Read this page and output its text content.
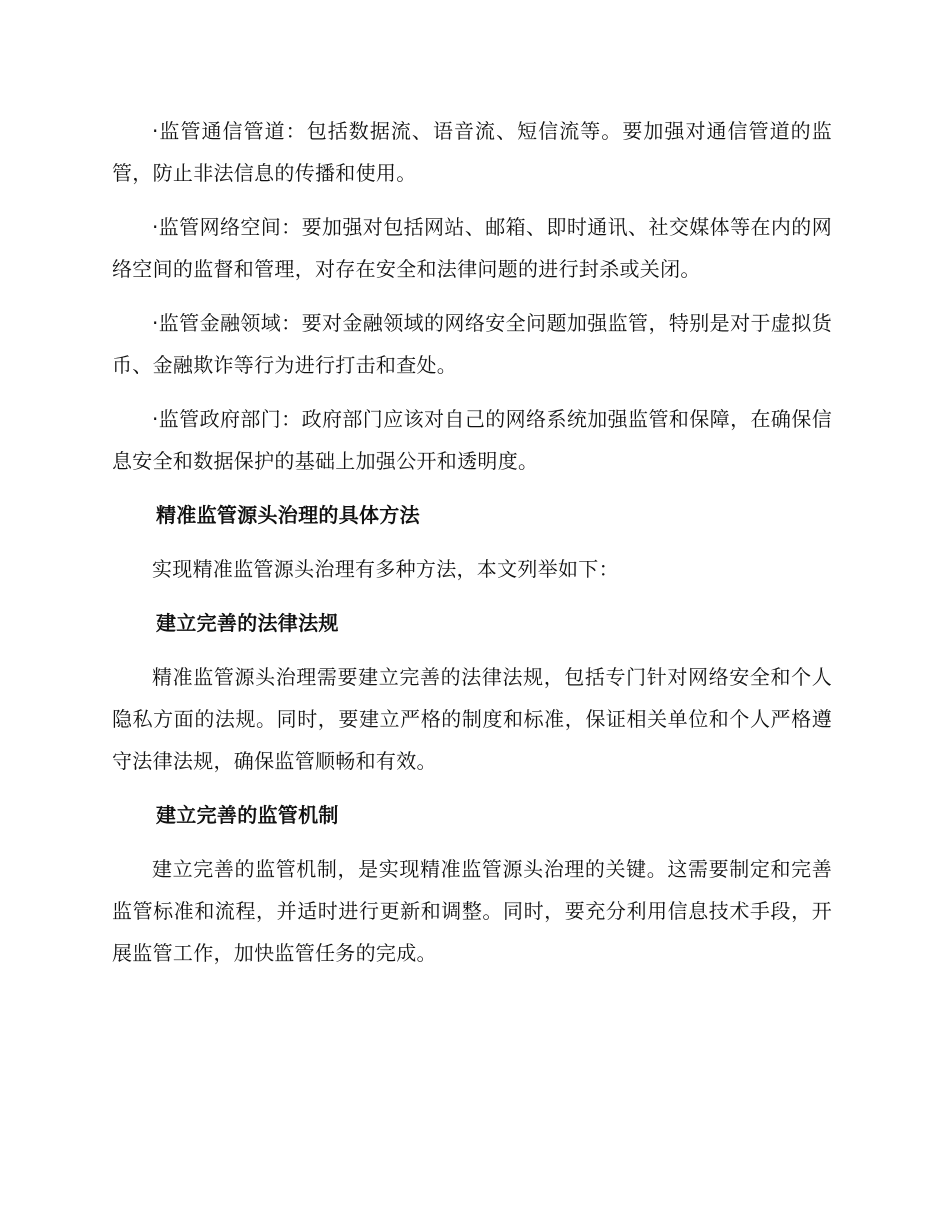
·监管通信管道：包括数据流、语音流、短信流等。要加强对通信管道的监管，防止非法信息的传播和使用。

·监管网络空间：要加强对包括网站、邮箱、即时通讯、社交媒体等在内的网络空间的监督和管理，对存在安全和法律问题的进行封杀或关闭。

·监管金融领域：要对金融领域的网络安全问题加强监管，特别是对于虚拟货币、金融欺诈等行为进行打击和查处。

·监管政府部门：政府部门应该对自己的网络系统加强监管和保障，在确保信息安全和数据保护的基础上加强公开和透明度。

精准监管源头治理的具体方法

实现精准监管源头治理有多种方法，本文列举如下：

建立完善的法律法规

精准监管源头治理需要建立完善的法律法规，包括专门针对网络安全和个人隐私方面的法规。同时，要建立严格的制度和标准，保证相关单位和个人严格遵守法律法规，确保监管顺畅和有效。

建立完善的监管机制

建立完善的监管机制，是实现精准监管源头治理的关键。这需要制定和完善监管标准和流程，并适时进行更新和调整。同时，要充分利用信息技术手段，开展监管工作，加快监管任务的完成。
